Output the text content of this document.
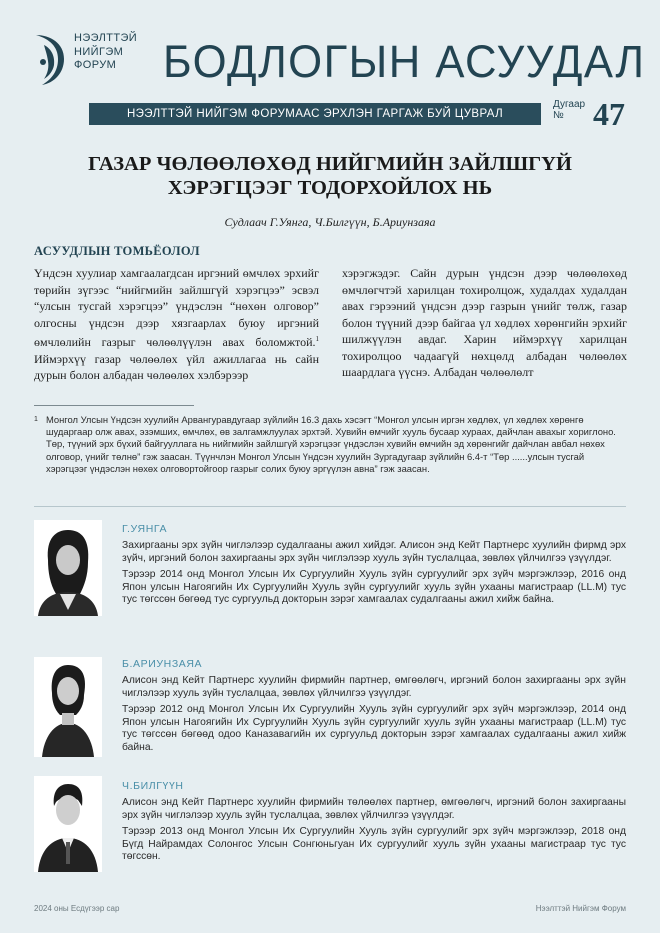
НЭЭЛТТЭЙ
НИЙГЭМ
ФОРУМ	БОДЛОГЫН АСУУДАЛ
НЭЭЛТТЭЙ НИЙГЭМ ФОРУМААС ЭРХЛЭН ГАРГАЖ БУЙ ЦУВРАЛ
Дугаар
№ 47
ГАЗАР ЧӨЛӨӨЛӨХӨД НИЙГМИЙН ЗАЙЛШГҮЙ
ХЭРЭГЦЭЭГ ТОДОРХОЙЛОХ НЬ
Судлаач Г.Уянга, Ч.Билгүүн, Б.Ариунзаяа
АСУУДЛЫН ТОМЬЁОЛОЛ

Үндсэн хуулиар хамгаалагдсан иргэний өмчлөх эрхийг төрийн зүгээс “нийгмийн зайлшгүй хэрэгцээ” эсвэл “улсын тусгай хэрэгцээ” үндэслэн “нөхөн олговор” олгосны үндсэн дээр хязгаарлах буюу иргэний өмчлөлийн газрыг чөлөөлүүлэн авах боломжтой.$^1$ Иймэрхүү газар чөлөөлөх үйл ажиллагаа нь сайн дурын болон албадан чөлөөлөх хэлбэрээр

хэрэгжэдэг. Сайн дурын үндсэн дээр чөлөөлөхөд өмчлөгчтэй харилцан тохиролцож, худалдах худалдан авах гэрээний үндсэн дээр газрын үнийг төлж, газар болон түүний дээр байгаа үл хөдлөх хөрөнгийн эрхийг шилжүүлэн авдаг. Харин иймэрхүү харилцан тохиролцоо чадаагүй нөхцөлд албадан чөлөөлөх шаардлага үүснэ. Албадан чөлөөлөлт

1 Монгол Улсын Үндсэн хуулийн Арвангуравдугаар зүйлийн 16.3 дахь хэсэгт “Монгол улсын иргэн хөдлөх, үл хөдлөх хөрөнгө шударгаар олж авах, эзэмших, өмчлөх, өв залгамжлуулах эрхтэй. Хувийн өмчийг хууль бусаар хураах, дайчлан авахыг хориглоно. Төр, түүний эрх бүхий байгууллага нь нийгмийн зайлшгүй хэрэгцээг үндэслэн хувийн өмчийн эд хөрөнгийг дайчлан авбал нөхөх олговор, үнийг төлнө” гэж заасан. Түүнчлэн Монгол Улсын Үндсэн хуулийн Зургадугаар зүйлийн 6.4-т “Төр ......улсын тусгай хэрэгцээг үндэслэн нөхөх олговортойгоор газрыг солих буюу эргүүлэн авна” гэж заасан.
Г.УЯНГА

Захиргааны эрх зүйн чиглэлээр судалгааны ажил хийдэг. Алисон энд Кейт Партнерс хуулийн фирмд эрх зүйч, иргэний болон захиргааны эрх зүйн чиглэлээр хууль зүйн туслалцаа, зөвлөх үйлчилгээ үзүүлдэг.

Тэрээр 2014 онд Монгол Улсын Их Сургуулийн Хууль зүйн сургуулийг эрх зүйч мэргэжлээр, 2016 онд Япон улсын Нагоягийн Их Сургуулийн Хууль зүйн сургуулийг хууль зүйн ухааны магистраар (LL.M) тус тус төгссөн бөгөөд тус сургуульд докторын зэрэг хамгаалах судалгааны ажил хийж байна.

Б.АРИУНЗАЯА

Алисон энд Кейт Партнерс хуулийн фирмийн партнер, өмгөөлөгч, иргэний болон захиргааны эрх зүйн чиглэлээр хууль зүйн туслалцаа, зөвлөх үйлчилгээ үзүүлдэг.

Тэрээр 2012 онд Монгол Улсын Их Сургуулийн Хууль зүйн сургуулийг эрх зүйч мэргэжлээр, 2014 онд Япон улсын Нагоягийн Их Сургуулийн Хууль зүйн сургуулийг хууль зүйн ухааны магистраар (LL.M) тус тус төгссөн бөгөөд одоо Каназавагийн их сургуульд докторын зэрэг хамгаалах судалгааны ажил хийж байна.

Ч.БИЛГҮҮН

Алисон энд Кейт Партнерс хуулийн фирмийн төлөөлөх партнер, өмгөөлөгч, иргэний болон захиргааны эрх зүйн чиглэлээр хууль зүйн туслалцаа, зөвлөх үйлчилгээ үзүүлдэг.

Тэрээр 2013 онд Монгол Улсын Их Сургуулийн Хууль зүйн сургуулийг эрх зүйч мэргэжлээр, 2018 онд Бүгд Найрамдах Солонгос Улсын Сонгюньгуан Их сургуулийг хууль зүйн ухааны магистраар тус тус төгссөн.

2024 оны Есдүгээр сар	Нээлттэй Нийгэм Форум
